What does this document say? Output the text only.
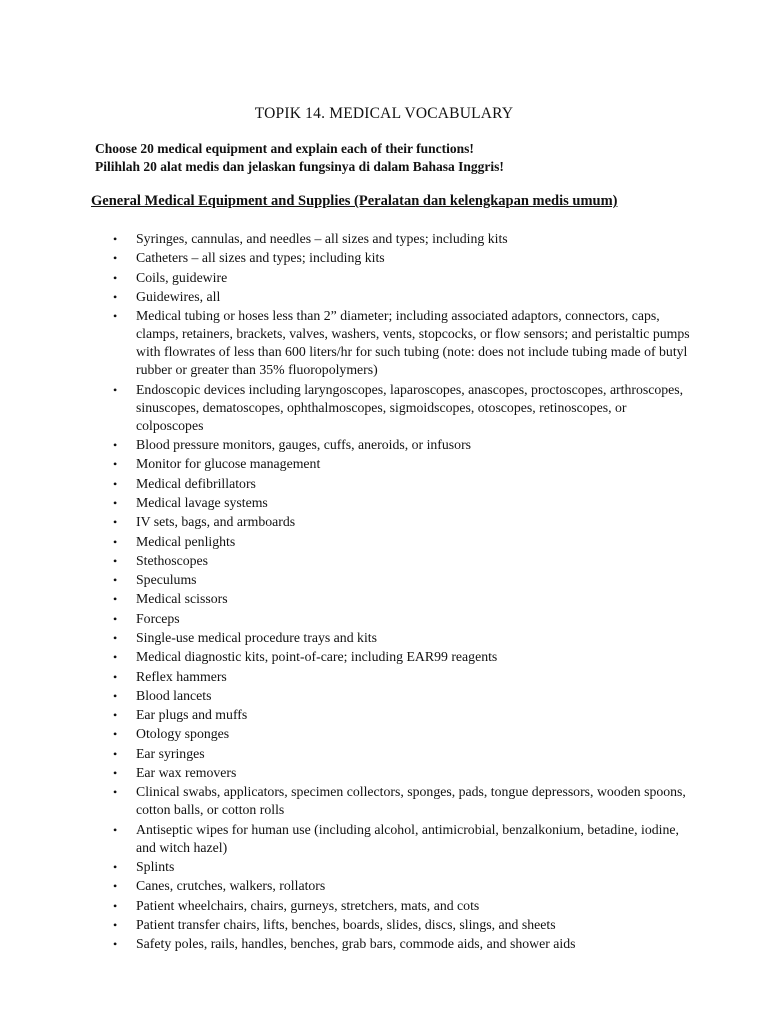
TOPIK 14. MEDICAL VOCABULARY
Choose 20 medical equipment and explain each of their functions!
Pilihlah 20 alat medis dan jelaskan fungsinya di dalam Bahasa Inggris!
General Medical Equipment and Supplies (Peralatan dan kelengkapan medis umum)
• Syringes, cannulas, and needles – all sizes and types; including kits
• Catheters – all sizes and types; including kits
• Coils, guidewire
• Guidewires, all
• Medical tubing or hoses less than 2” diameter; including associated adaptors, connectors, caps, clamps, retainers, brackets, valves, washers, vents, stopcocks, or flow sensors; and peristaltic pumps with flowrates of less than 600 liters/hr for such tubing (note: does not include tubing made of butyl rubber or greater than 35% fluoropolymers)
• Endoscopic devices including laryngoscopes, laparoscopes, anascopes, proctoscopes, arthroscopes, sinuscopes, dematoscopes, ophthalmoscopes, sigmoidscopes, otoscopes, retinoscopes, or colposcopes
• Blood pressure monitors, gauges, cuffs, aneroids, or infusors
• Monitor for glucose management
• Medical defibrillators
• Medical lavage systems
• IV sets, bags, and armboards
• Medical penlights
• Stethoscopes
• Speculums
• Medical scissors
• Forceps
• Single-use medical procedure trays and kits
• Medical diagnostic kits, point-of-care; including EAR99 reagents
• Reflex hammers
• Blood lancets
• Ear plugs and muffs
• Otology sponges
• Ear syringes
• Ear wax removers
• Clinical swabs, applicators, specimen collectors, sponges, pads, tongue depressors, wooden spoons, cotton balls, or cotton rolls
• Antiseptic wipes for human use (including alcohol, antimicrobial, benzalkonium, betadine, iodine, and witch hazel)
• Splints
• Canes, crutches, walkers, rollators
• Patient wheelchairs, chairs, gurneys, stretchers, mats, and cots
• Patient transfer chairs, lifts, benches, boards, slides, discs, slings, and sheets
• Safety poles, rails, handles, benches, grab bars, commode aids, and shower aids
